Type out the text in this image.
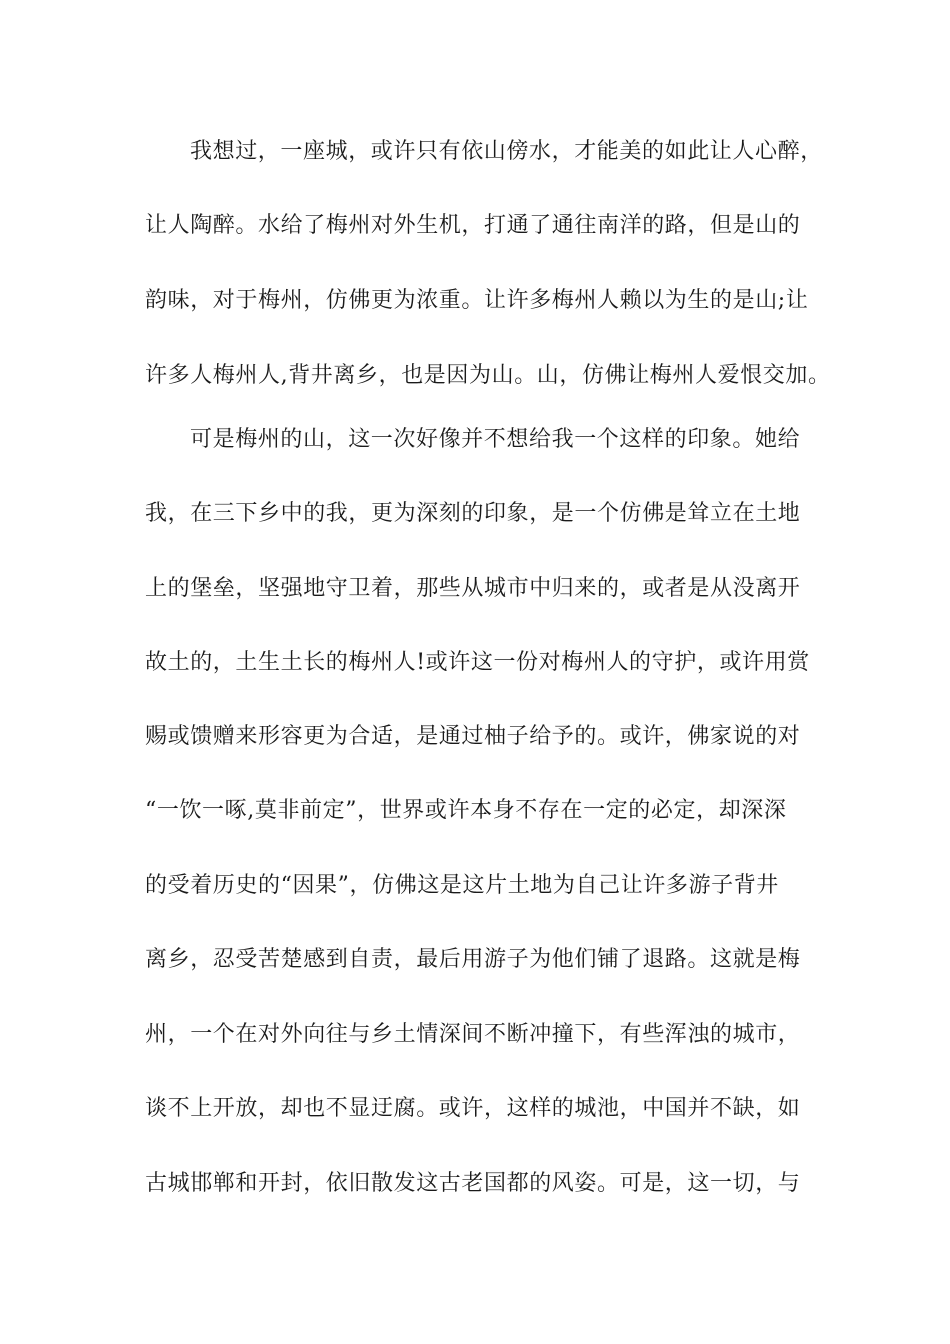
我想过，一座城，或许只有依山傍水，才能美的如此让人心醉，
让人陶醉。水给了梅州对外生机，打通了通往南洋的路，但是山的
韵味，对于梅州，仿佛更为浓重。让许多梅州人赖以为生的是山;让
许多人梅州人,背井离乡，也是因为山。山，仿佛让梅州人爱恨交加。
可是梅州的山，这一次好像并不想给我一个这样的印象。她给
我，在三下乡中的我，更为深刻的印象，是一个仿佛是耸立在土地
上的堡垒，坚强地守卫着，那些从城市中归来的，或者是从没离开
故土的，土生土长的梅州人!或许这一份对梅州人的守护，或许用赏
赐或馈赠来形容更为合适，是通过柚子给予的。或许，佛家说的对
“一饮一啄,莫非前定”，世界或许本身不存在一定的必定，却深深
的受着历史的“因果”，仿佛这是这片土地为自己让许多游子背井
离乡，忍受苦楚感到自责，最后用游子为他们铺了退路。这就是梅
州，一个在对外向往与乡土情深间不断冲撞下，有些浑浊的城市，
谈不上开放，却也不显迂腐。或许，这样的城池，中国并不缺，如
古城邯郸和开封，依旧散发这古老国都的风姿。可是，这一切，与
